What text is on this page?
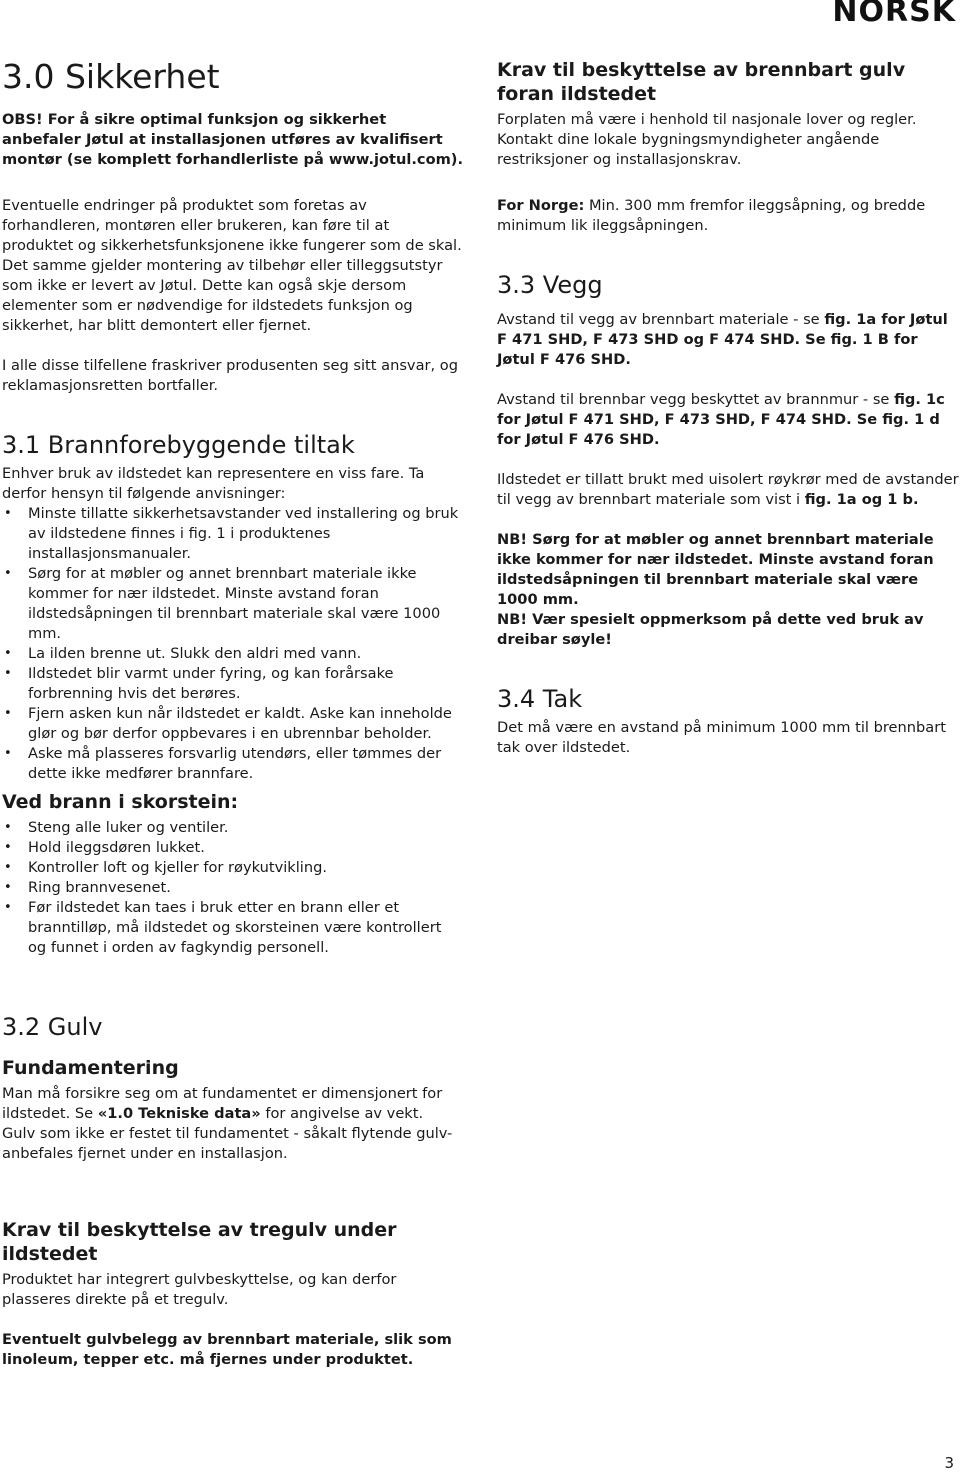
NORSK
3.0 Sikkerhet

OBS! For å sikre optimal funksjon og sikkerhet anbefaler Jøtul at installasjonen utføres av kvalifisert montør (se komplett forhandlerliste på www.jotul.com).

Eventuelle endringer på produktet som foretas av forhandleren, montøren eller brukeren, kan føre til at produktet og sikkerhetsfunksjonene ikke fungerer som de skal. Det samme gjelder montering av tilbehør eller tilleggsutstyr som ikke er levert av Jøtul. Dette kan også skje dersom elementer som er nødvendige for ildstedets funksjon og sikkerhet, har blitt demontert eller fjernet.

I alle disse tilfellene fraskriver produsenten seg sitt ansvar, og reklamasjonsretten bortfaller.

3.1 Brannforebyggende tiltak

Enhver bruk av ildstedet kan representere en viss fare. Ta derfor hensyn til følgende anvisninger:

• Minste tillatte sikkerhetsavstander ved installering og bruk av ildstedene finnes i fig. 1 i produktenes installasjonsmanualer.
• Sørg for at møbler og annet brennbart materiale ikke kommer for nær ildstedet. Minste avstand foran ildstedsåpningen til brennbart materiale skal være 1000 mm.
• La ilden brenne ut. Slukk den aldri med vann.
• Ildstedet blir varmt under fyring, og kan forårsake forbrenning hvis det berøres.
• Fjern asken kun når ildstedet er kaldt. Aske kan inneholde glør og bør derfor oppbevares i en ubrennbar beholder.
• Aske må plasseres forsvarlig utendørs, eller tømmes der dette ikke medfører brannfare.
Ved brann i skorstein:
• Steng alle luker og ventiler.
• Hold ileggsdøren lukket.
• Kontroller loft og kjeller for røykutvikling.
• Ring brannvesenet.
• Før ildstedet kan taes i bruk etter en brann eller et branntilløp, må ildstedet og skorsteinen være kontrollert og funnet i orden av fagkyndig personell.
3.2 Gulv
Fundamentering

Man må forsikre seg om at fundamentet er dimensjonert for ildstedet. Se «1.0 Tekniske data» for angivelse av vekt.

Gulv som ikke er festet til fundamentet - såkalt flytende gulv-anbefales fjernet under en installasjon.

Krav til beskyttelse av tregulv under ildstedet

Produktet har integrert gulvbeskyttelse, og kan derfor plasseres direkte på et tregulv.

Eventuelt gulvbelegg av brennbart materiale, slik som linoleum, tepper etc. må fjernes under produktet.

Krav til beskyttelse av brennbart gulv foran ildstedet

Forplaten må være i henhold til nasjonale lover og regler. Kontakt dine lokale bygningsmyndigheter angående restriksjoner og installasjonskrav.

For Norge: Min. 300 mm fremfor ileggsåpning, og bredde minimum lik ileggsåpningen.

3.3 Vegg

Avstand til vegg av brennbart materiale - se fig. 1a for Jøtul F 471 SHD, F 473 SHD og F 474 SHD. Se fig. 1 B for Jøtul F 476 SHD.

Avstand til brennbar vegg beskyttet av brannmur - se fig. 1c for Jøtul F 471 SHD, F 473 SHD, F 474 SHD. Se fig. 1 d for Jøtul F 476 SHD.

Ildstedet er tillatt brukt med uisolert røykrør med de avstander til vegg av brennbart materiale som vist i fig. 1a og 1 b.

NB! Sørg for at møbler og annet brennbart materiale ikke kommer for nær ildstedet. Minste avstand foran ildstedsåpningen til brennbart materiale skal være 1000 mm.

NB! Vær spesielt oppmerksom på dette ved bruk av dreibar søyle!

3.4 Tak

Det må være en avstand på minimum 1000 mm til brennbart tak over ildstedet.

3
